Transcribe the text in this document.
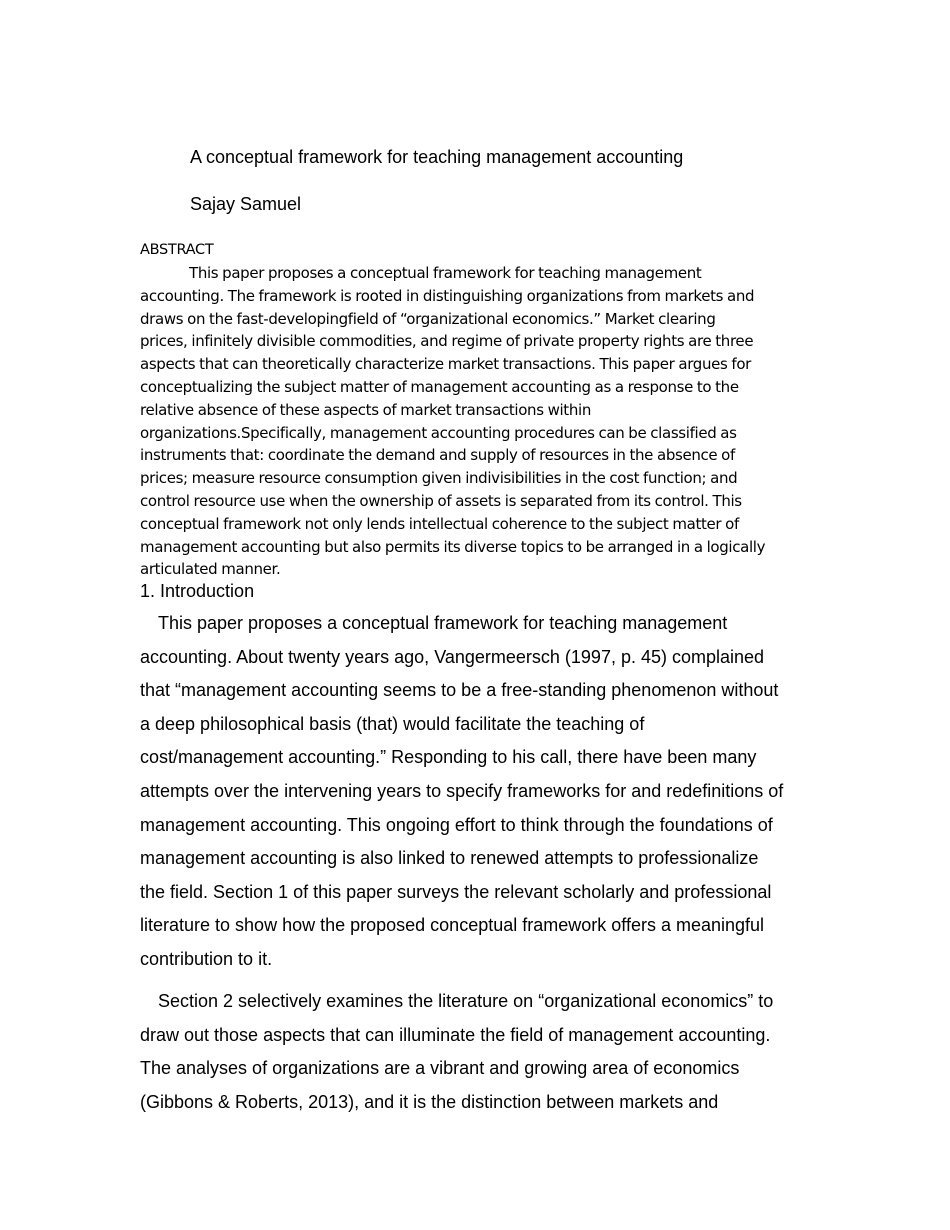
A conceptual framework for teaching management accounting
Sajay Samuel
ABSTRACT
This paper proposes a conceptual framework for teaching management
accounting. The framework is rooted in distinguishing organizations from markets and
draws on the fast-developingfield of “organizational economics.” Market clearing
prices, infinitely divisible commodities, and regime of private property rights are three
aspects that can theoretically characterize market transactions. This paper argues for
conceptualizing the subject matter of management accounting as a response to the
relative absence of these aspects of market transactions within
organizations.Specifically, management accounting procedures can be classified as
instruments that: coordinate the demand and supply of resources in the absence of
prices; measure resource consumption given indivisibilities in the cost function; and
control resource use when the ownership of assets is separated from its control. This
conceptual framework not only lends intellectual coherence to the subject matter of
management accounting but also permits its diverse topics to be arranged in a logically
articulated manner.
1. Introduction
This paper proposes a conceptual framework for teaching management
accounting. About twenty years ago, Vangermeersch (1997, p. 45) complained
that “management accounting seems to be a free-standing phenomenon without
a deep philosophical basis (that) would facilitate the teaching of
cost/management accounting.” Responding to his call, there have been many
attempts over the intervening years to specify frameworks for and redefinitions of
management accounting. This ongoing effort to think through the foundations of
management accounting is also linked to renewed attempts to professionalize
the field. Section 1 of this paper surveys the relevant scholarly and professional
literature to show how the proposed conceptual framework offers a meaningful
contribution to it.
Section 2 selectively examines the literature on “organizational economics” to
draw out those aspects that can illuminate the field of management accounting.
The analyses of organizations are a vibrant and growing area of economics
(Gibbons & Roberts, 2013), and it is the distinction between markets and
